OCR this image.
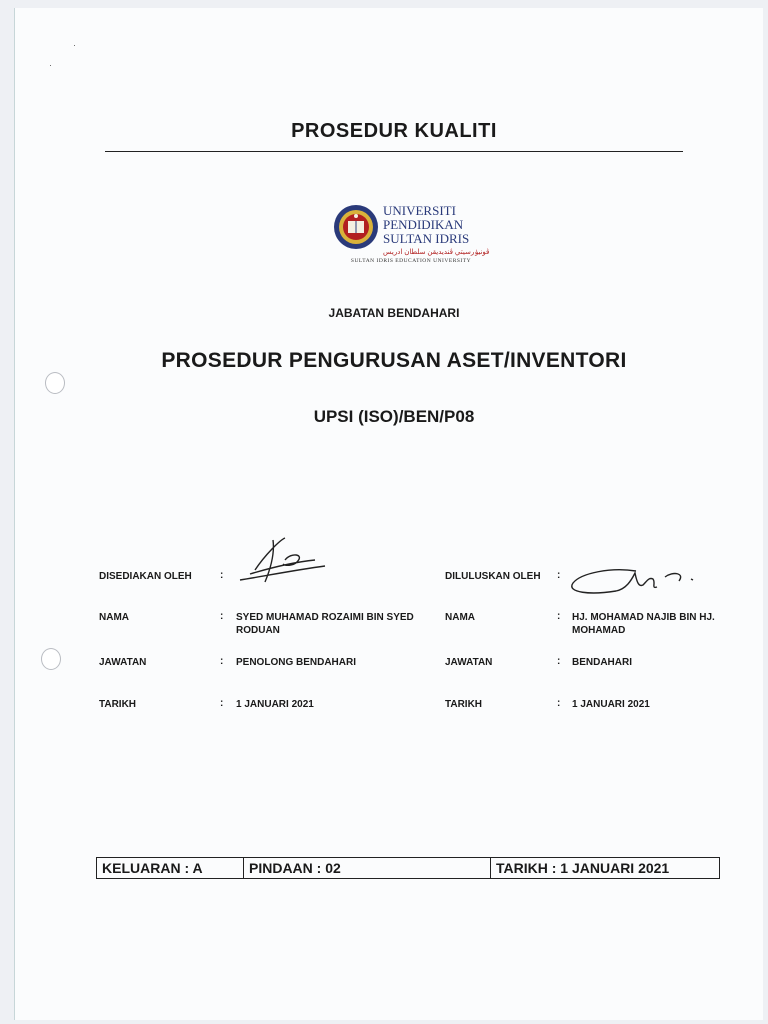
·
·
PROSEDUR KUALITI
UNIVERSITI
PENDIDIKAN
SULTAN IDRIS
ڤونيۏرسيتي ڤنديديقن سلطان ادريس
SULTAN IDRIS EDUCATION UNIVERSITY
JABATAN BENDAHARI
PROSEDUR PENGURUSAN ASET/INVENTORI
UPSI (ISO)/BEN/P08
DISEDIAKAN OLEH	:
NAMA	: SYED MUHAMAD ROZAIMI BIN SYED RODUAN
JAWATAN	: PENOLONG BENDAHARI
TARIKH	: 1 JANUARI 2021
DILULUSKAN OLEH :
NAMA	: HJ. MOHAMAD NAJIB BIN HJ. MOHAMAD
JAWATAN	: BENDAHARI
TARIKH	: 1 JANUARI 2021
KELUARAN : A	PINDAAN : 02	TARIKH : 1 JANUARI 2021
